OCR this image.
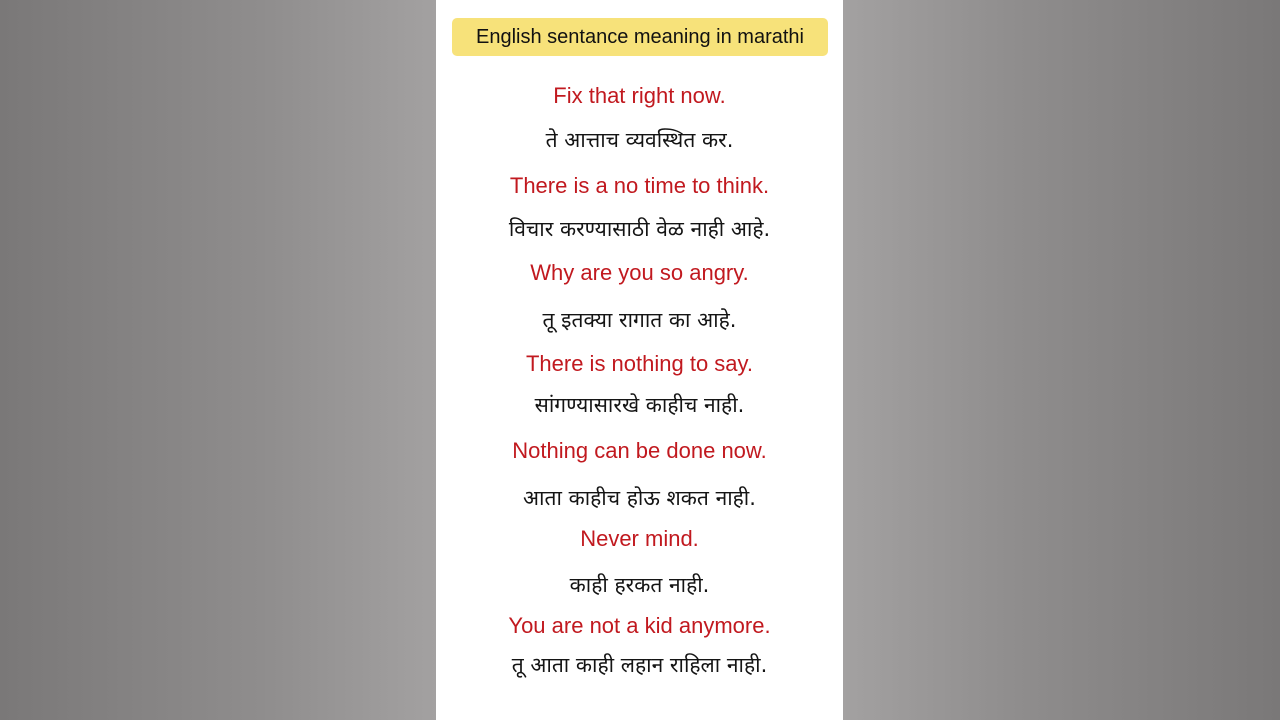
English sentance meaning in marathi
Fix that right now.
ते आत्ताच व्यवस्थित कर.
There is a no time to think.
विचार करण्यासाठी वेळ नाही आहे.
Why are you so angry.
तू इतक्या रागात का आहे.
There is nothing to say.
सांगण्यासारखे काहीच नाही.
Nothing can be done now.
आता काहीच होऊ शकत नाही.
Never mind.
काही हरकत नाही.
You are not a kid anymore.
तू आता काही लहान राहिला नाही.
